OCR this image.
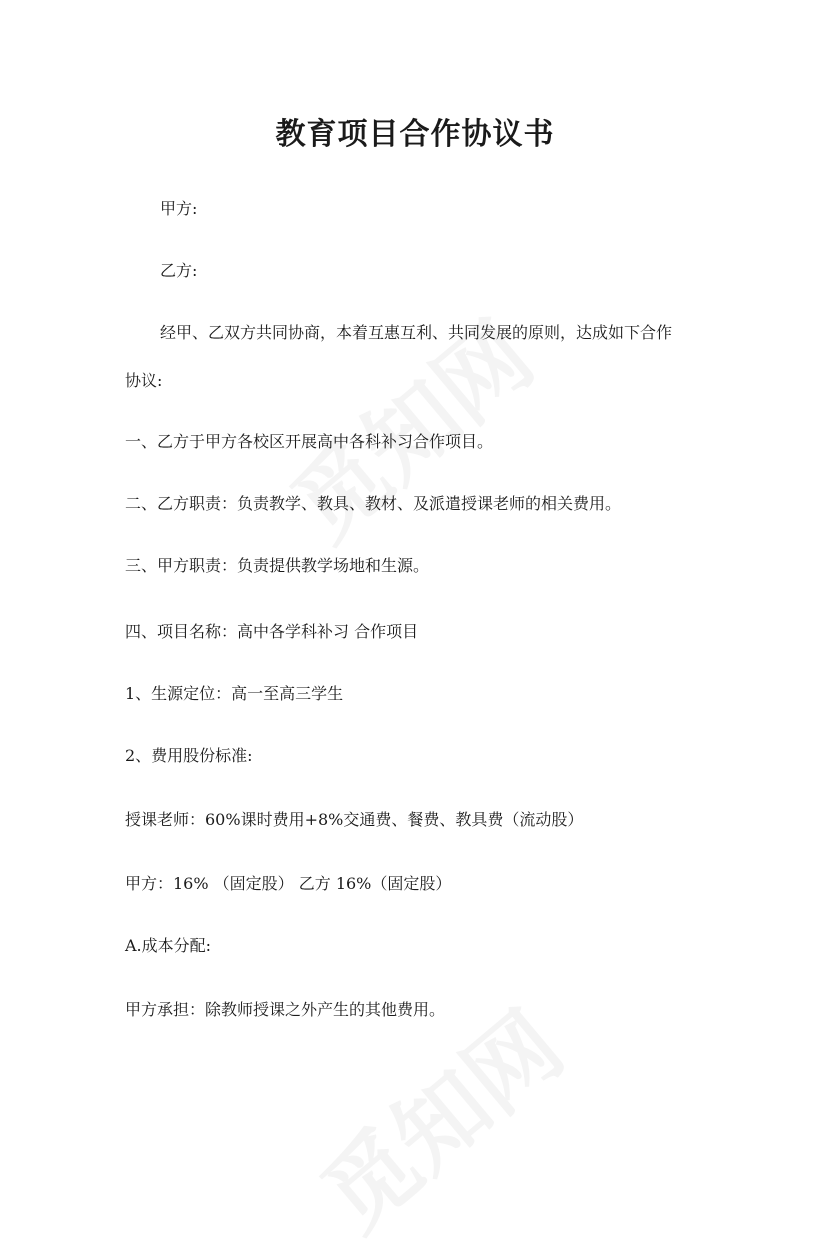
教育项目合作协议书

甲方:

乙方:

经甲、乙双方共同协商，本着互惠互利、共同发展的原则，达成如下合作

协议:

一、乙方于甲方各校区开展高中各科补习合作项目。

二、乙方职责：负责教学、教具、教材、及派遣授课老师的相关费用。

三、甲方职责：负责提供教学场地和生源。

四、项目名称：高中各学科补习 合作项目

1、生源定位：高一至高三学生

2、费用股份标准:

授课老师：60%课时费用+8%交通费、餐费、教具费（流动股）

甲方：16% （固定股） 乙方 16%（固定股）

A.成本分配:

甲方承担：除教师授课之外产生的其他费用。
